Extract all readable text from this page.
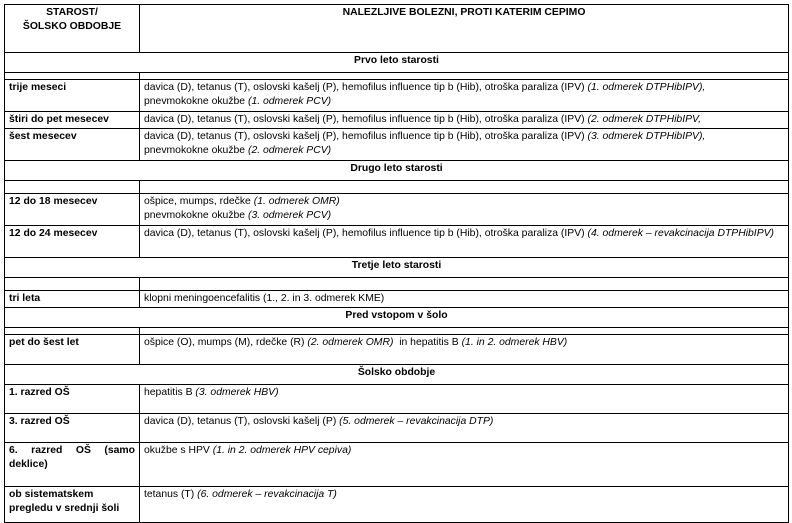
STAROST/
ŠOLSKO OBDOBJE	NALEZLJIVE BOLEZNI, PROTI KATERIM CEPIMO
Prvo leto starosti	

trije meseci	davica (D), tetanus (T), oslovski kašelj (P), hemofilus influence tip b (Hib), otroška paraliza (IPV) (1. odmerek DTPHibIPV),
pnevmokokne okužbe (1. odmerek PCV)
štiri do pet mesecev	davica (D), tetanus (T), oslovski kašelj (P), hemofilus influence tip b (Hib), otroška paraliza (IPV) (2. odmerek DTPHibIPV,
šest mesecev	davica (D), tetanus (T), oslovski kašelj (P), hemofilus influence tip b (Hib), otroška paraliza (IPV) (3. odmerek DTPHibIPV),
pnevmokokne okužbe (2. odmerek PCV)
Drugo leto starosti	

12 do 18 mesecev	ošpice, mumps, rdečke (1. odmerek OMR)
pnevmokokne okužbe (3. odmerek PCV)
12 do 24 mesecev	davica (D), tetanus (T), oslovski kašelj (P), hemofilus influence tip b (Hib), otroška paraliza (IPV) (4. odmerek – revakcinacija DTPHibIPV)
Tretje leto starosti	

tri leta	klopni meningoencefalitis (1., 2. in 3. odmerek KME)
Pred vstopom v šolo	

pet do šest let	ošpice (O), mumps (M), rdečke (R) (2. odmerek OMR)  in hepatitis B (1. in 2. odmerek HBV)
Šolsko obdobje	
1. razred OŠ	hepatitis B (3. odmerek HBV)
3. razred OŠ	davica (D), tetanus (T), oslovski kašelj (P) (5. odmerek – revakcinacija DTP)
6. razred OŠ (samo deklice)	okužbe s HPV (1. in 2. odmerek HPV cepiva)
ob sistematskem pregledu v srednji šoli	tetanus (T) (6. odmerek – revakcinacija T)
